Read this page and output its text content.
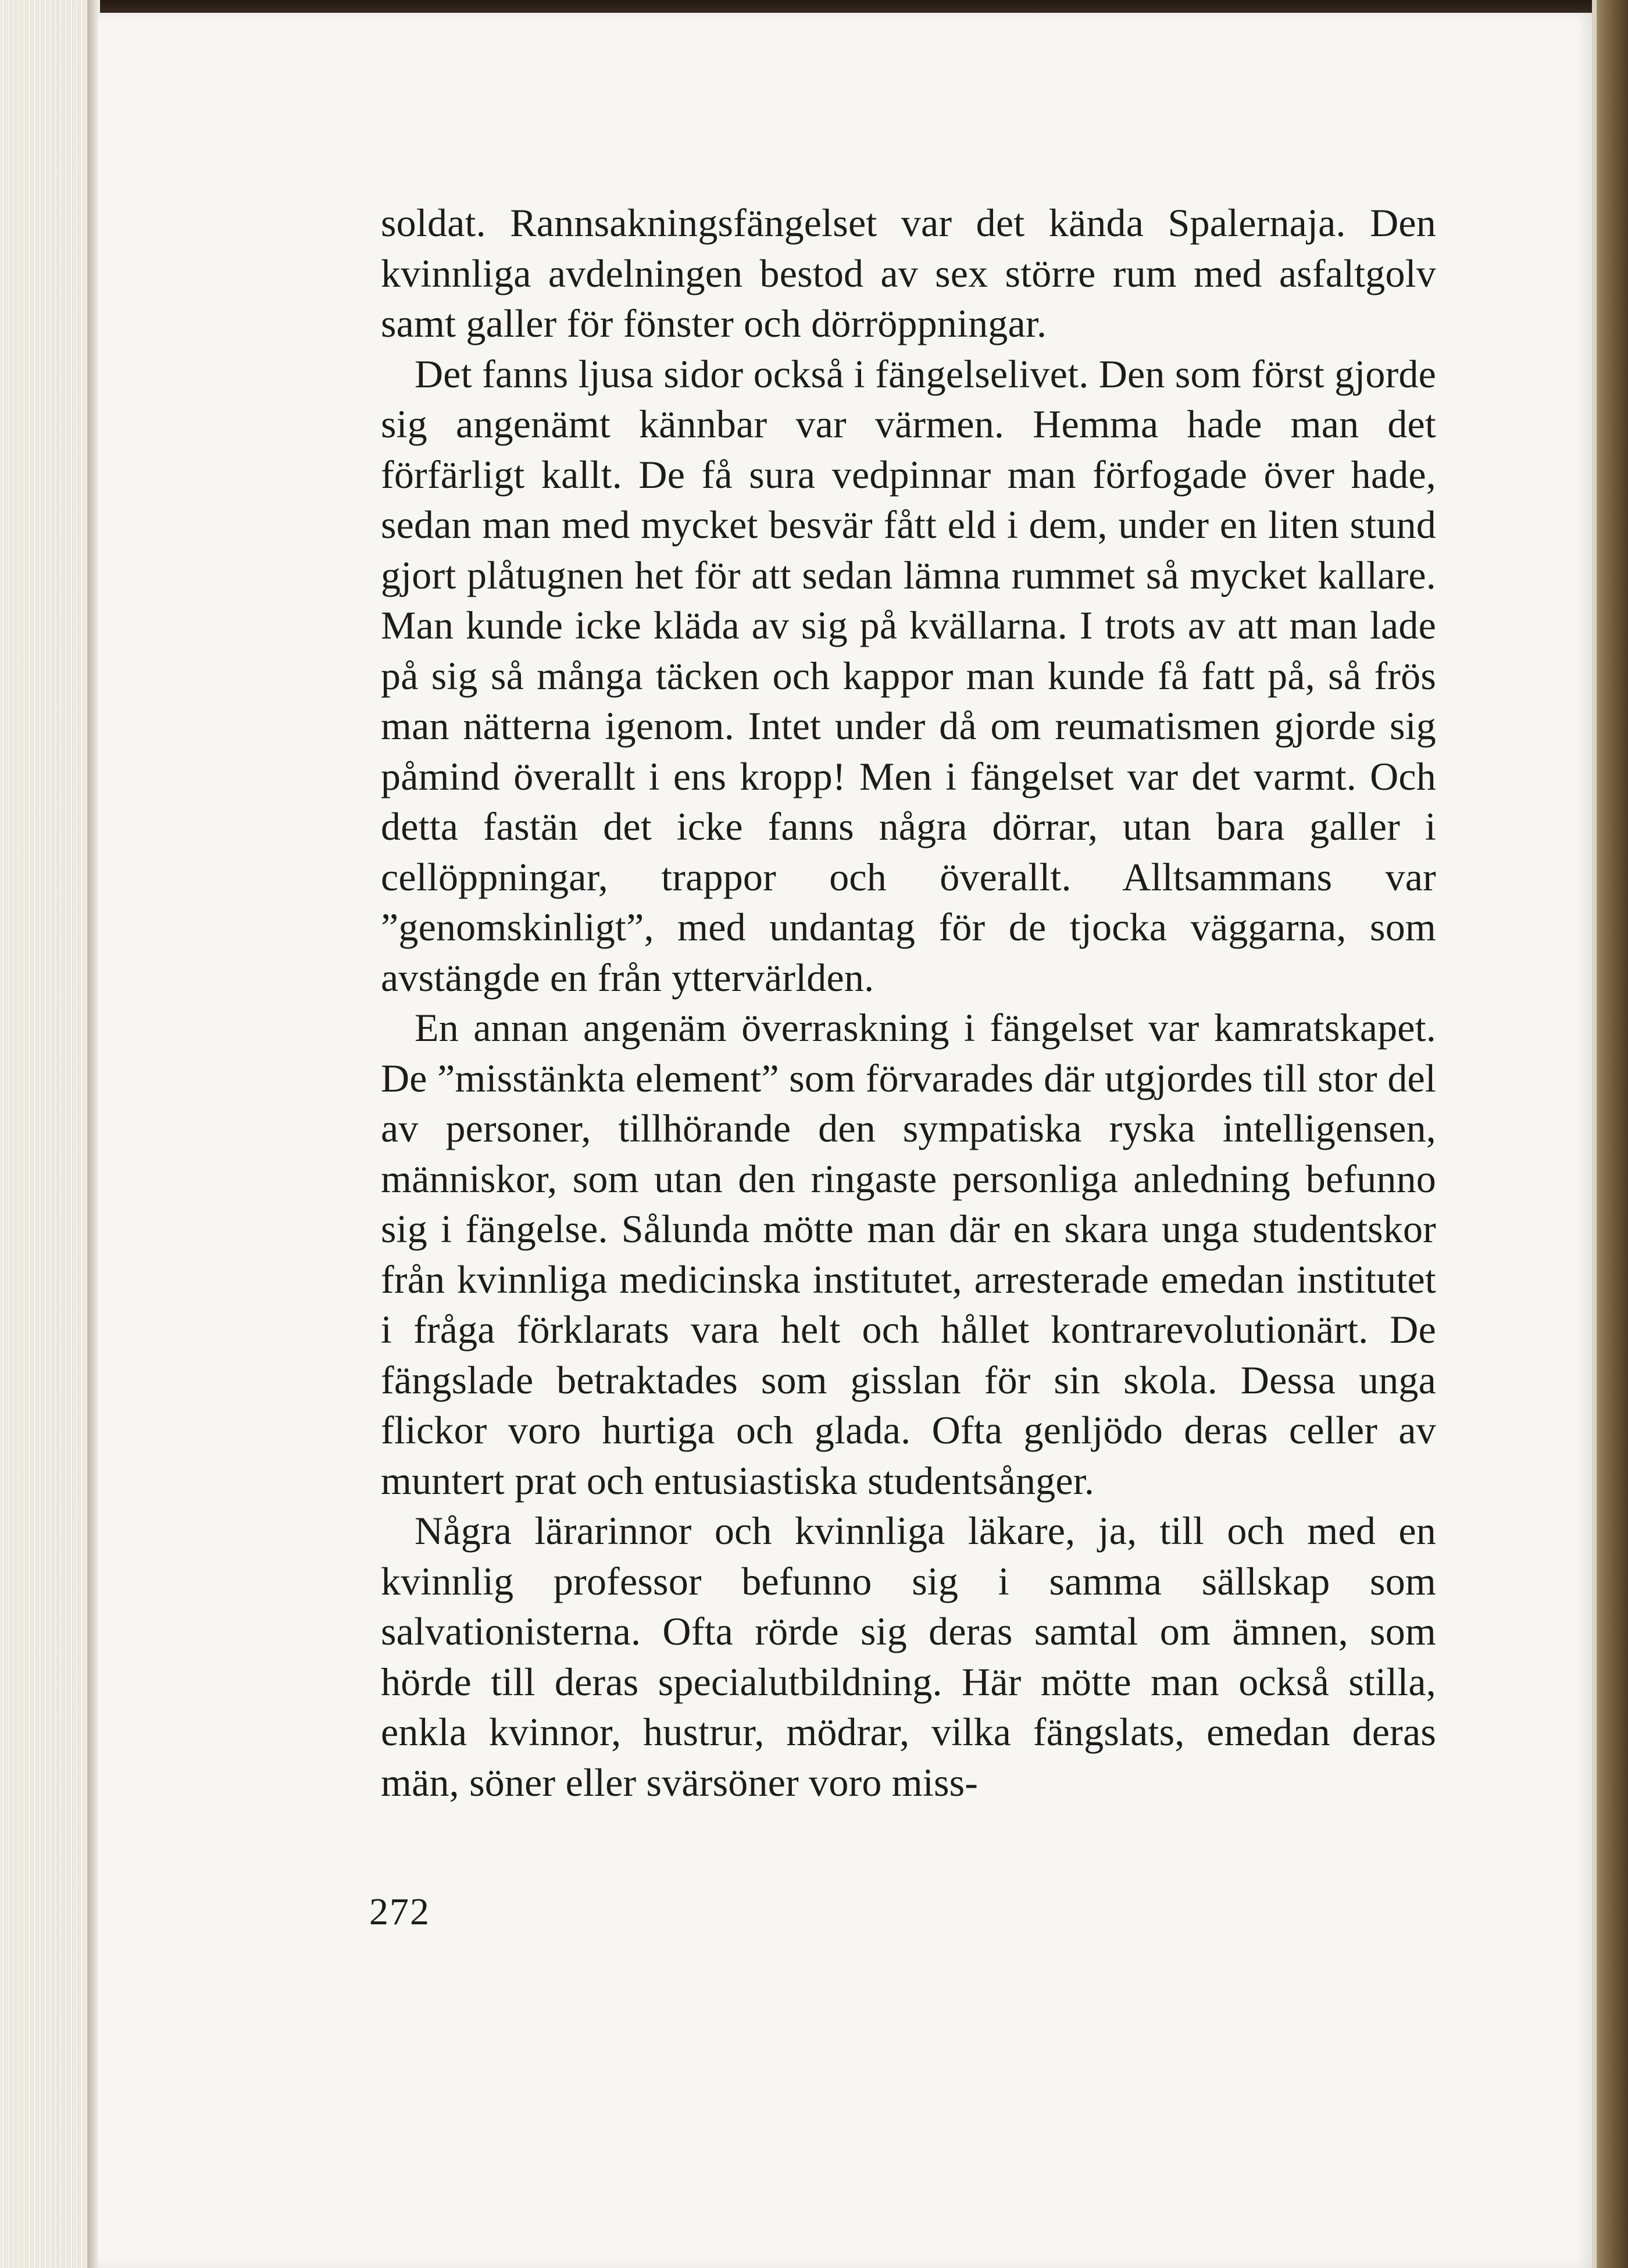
soldat. Rannsakningsfängelset var det kända Spalernaja. Den kvinnliga avdelningen bestod av sex större rum med asfaltgolv samt galler för fönster och dörröppningar.

Det fanns ljusa sidor också i fängelselivet. Den som först gjorde sig angenämt kännbar var värmen. Hemma hade man det förfärligt kallt. De få sura vedpinnar man förfogade över hade, sedan man med mycket besvär fått eld i dem, under en liten stund gjort plåtugnen het för att sedan lämna rummet så mycket kallare. Man kunde icke kläda av sig på kvällarna. I trots av att man lade på sig så många täcken och kappor man kunde få fatt på, så frös man nätterna igenom. Intet under då om reumatismen gjorde sig påmind överallt i ens kropp! Men i fängelset var det varmt. Och detta fastän det icke fanns några dörrar, utan bara galler i cellöppningar, trappor och överallt. Alltsammans var ”genomskinligt”, med undantag för de tjocka väggarna, som avstängde en från yttervärlden.

En annan angenäm överraskning i fängelset var kamratskapet. De ”misstänkta element” som förvarades där utgjordes till stor del av personer, tillhörande den sympatiska ryska intelligensen, människor, som utan den ringaste personliga anledning befunno sig i fängelse. Sålunda mötte man där en skara unga studentskor från kvinnliga medicinska institutet, arresterade emedan institutet i fråga förklarats vara helt och hållet kontrarevolutionärt. De fängslade betraktades som gisslan för sin skola. Dessa unga flickor voro hurtiga och glada. Ofta genljödo deras celler av muntert prat och entusiastiska studentsånger.

Några lärarinnor och kvinnliga läkare, ja, till och med en kvinnlig professor befunno sig i samma sällskap som salvationisterna. Ofta rörde sig deras samtal om ämnen, som hörde till deras specialutbildning. Här mötte man också stilla, enkla kvinnor, hustrur, mödrar, vilka fängslats, emedan deras män, söner eller svärsöner voro miss-

272
